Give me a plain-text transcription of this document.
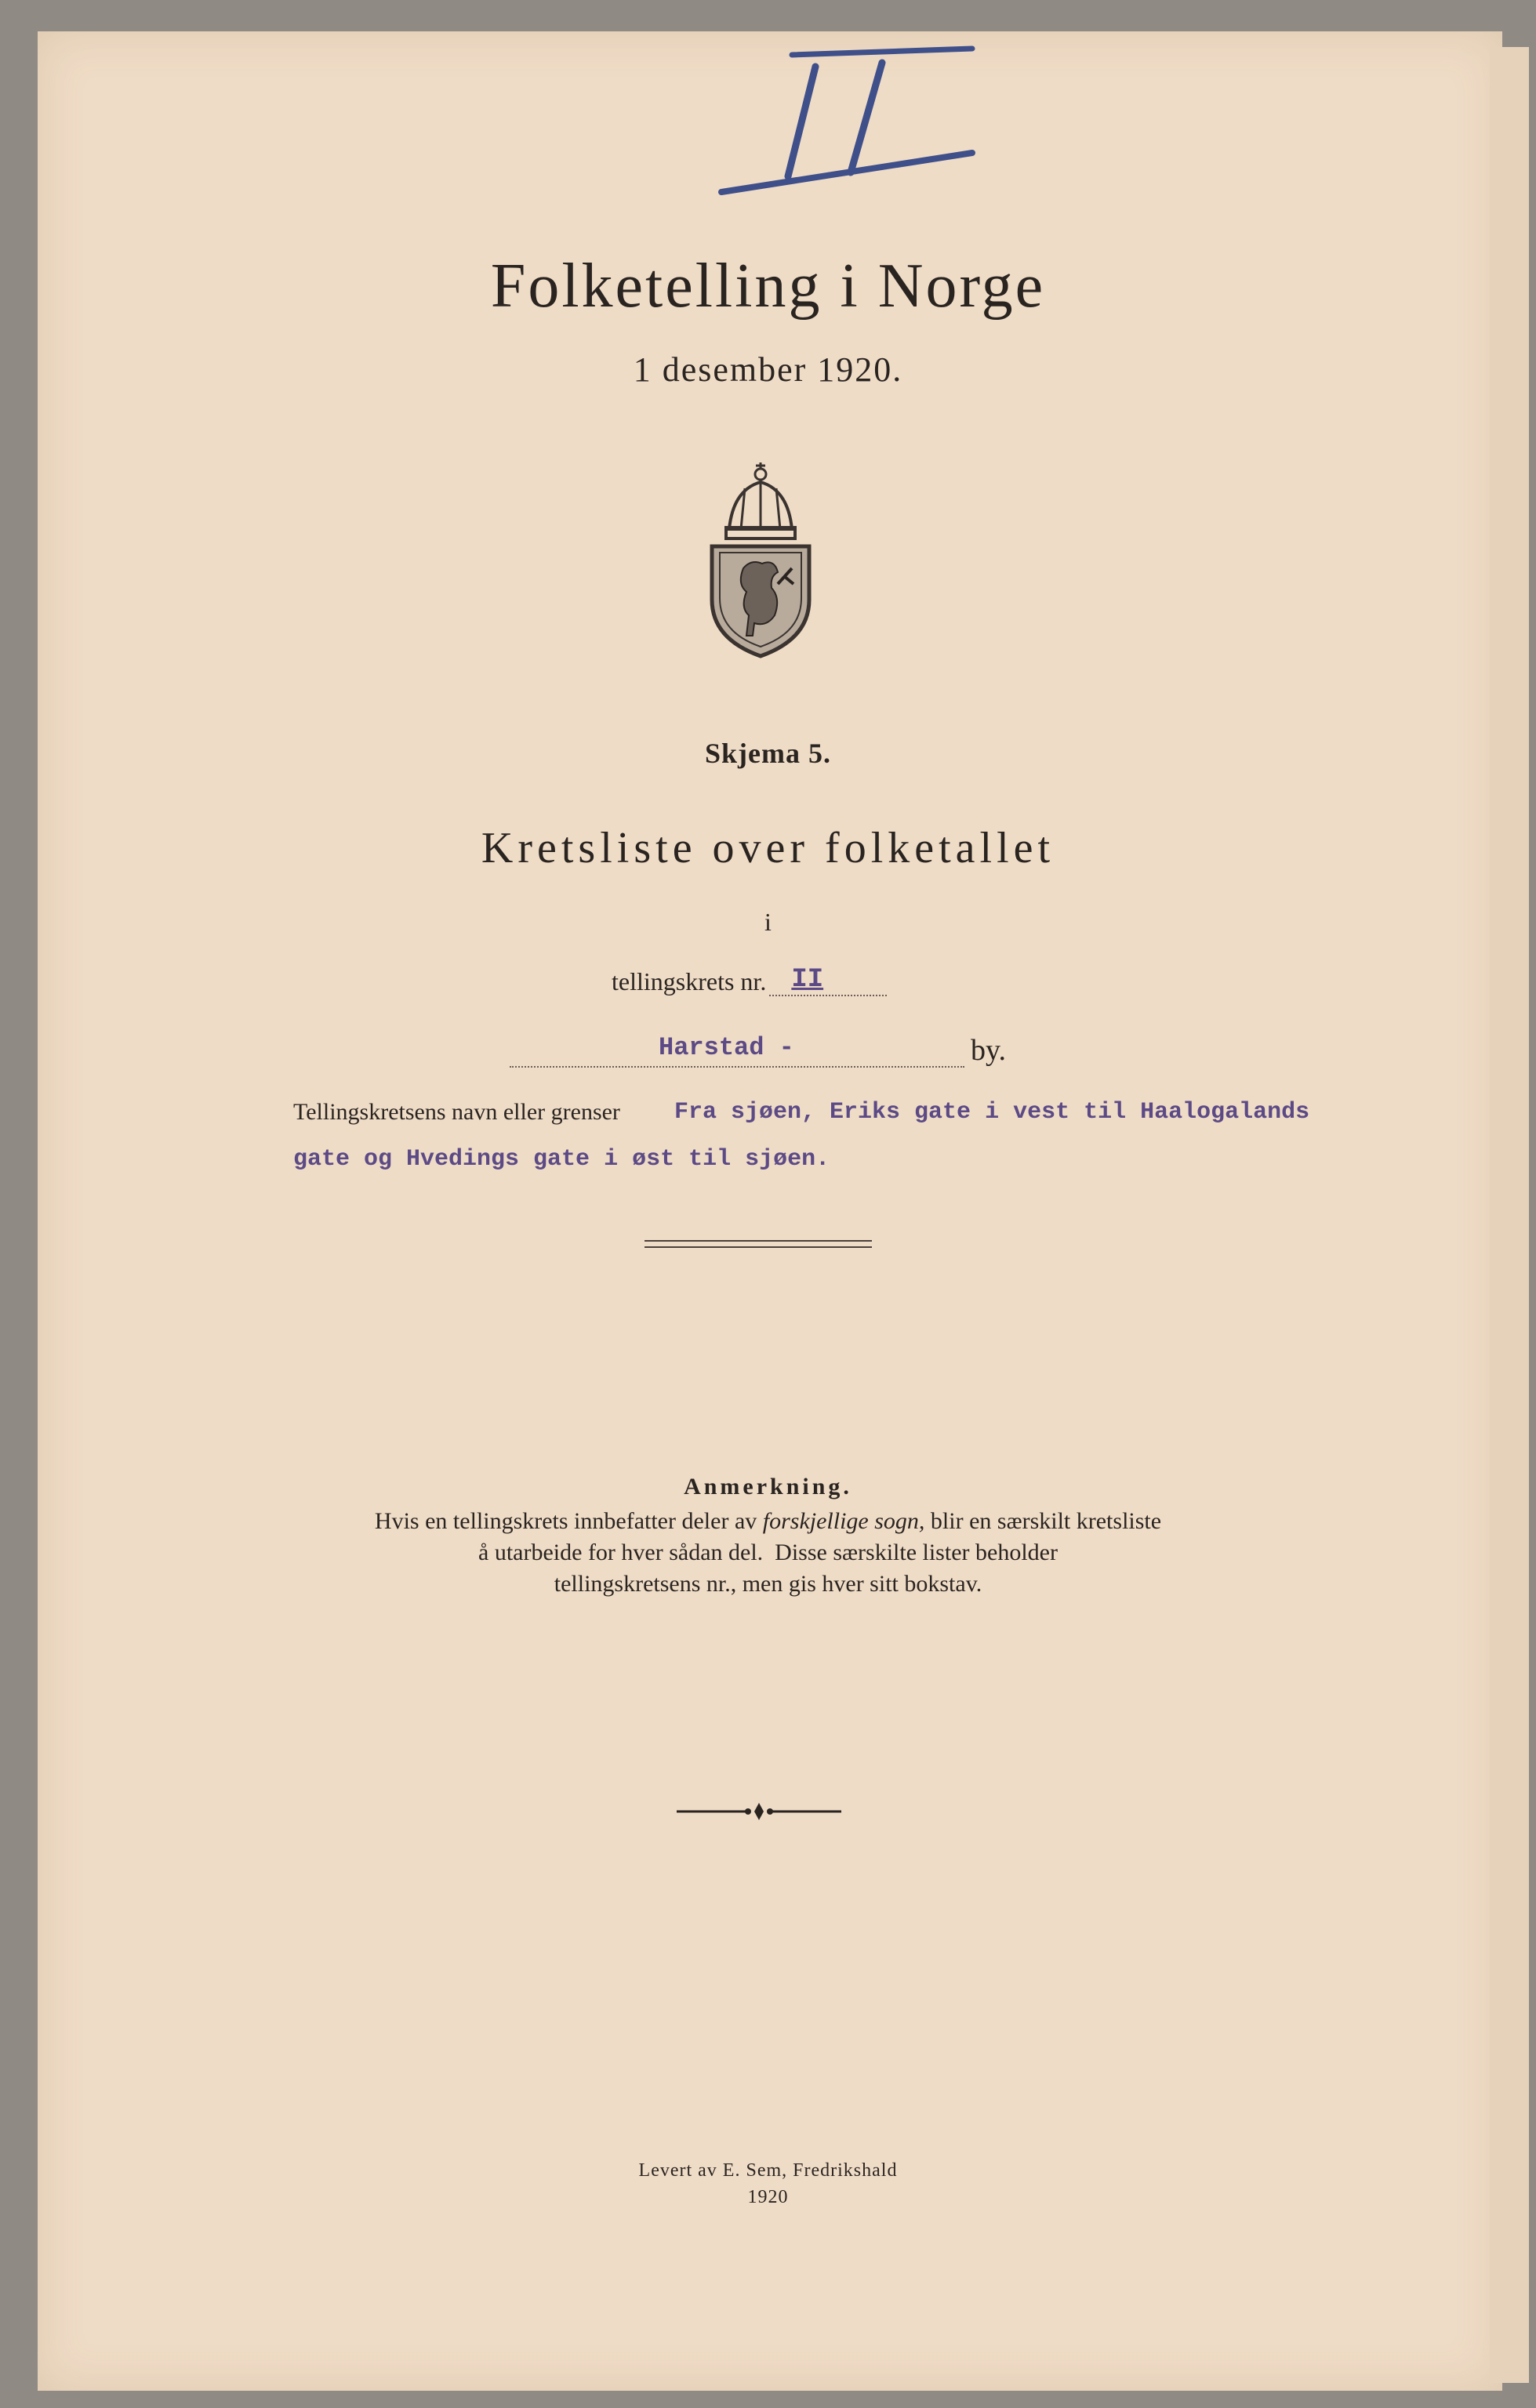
Folketelling i Norge
1 desember 1920.
Skjema 5.
Kretsliste over folketallet
i
tellingskrets nr. II
Harstad -	by.
Tellingskretsens navn eller grenser Fra sjøen, Eriks gate i vest til Haalogalands
gate og Hvedings gate i øst til sjøen.
Anmerkning.
Hvis en tellingskrets innbefatter deler av forskjellige sogn, blir en særskilt kretsliste
å utarbeide for hver sådan del.  Disse særskilte lister beholder
tellingskretsens nr., men gis hver sitt bokstav.
Levert av E. Sem, Fredrikshald
1920
